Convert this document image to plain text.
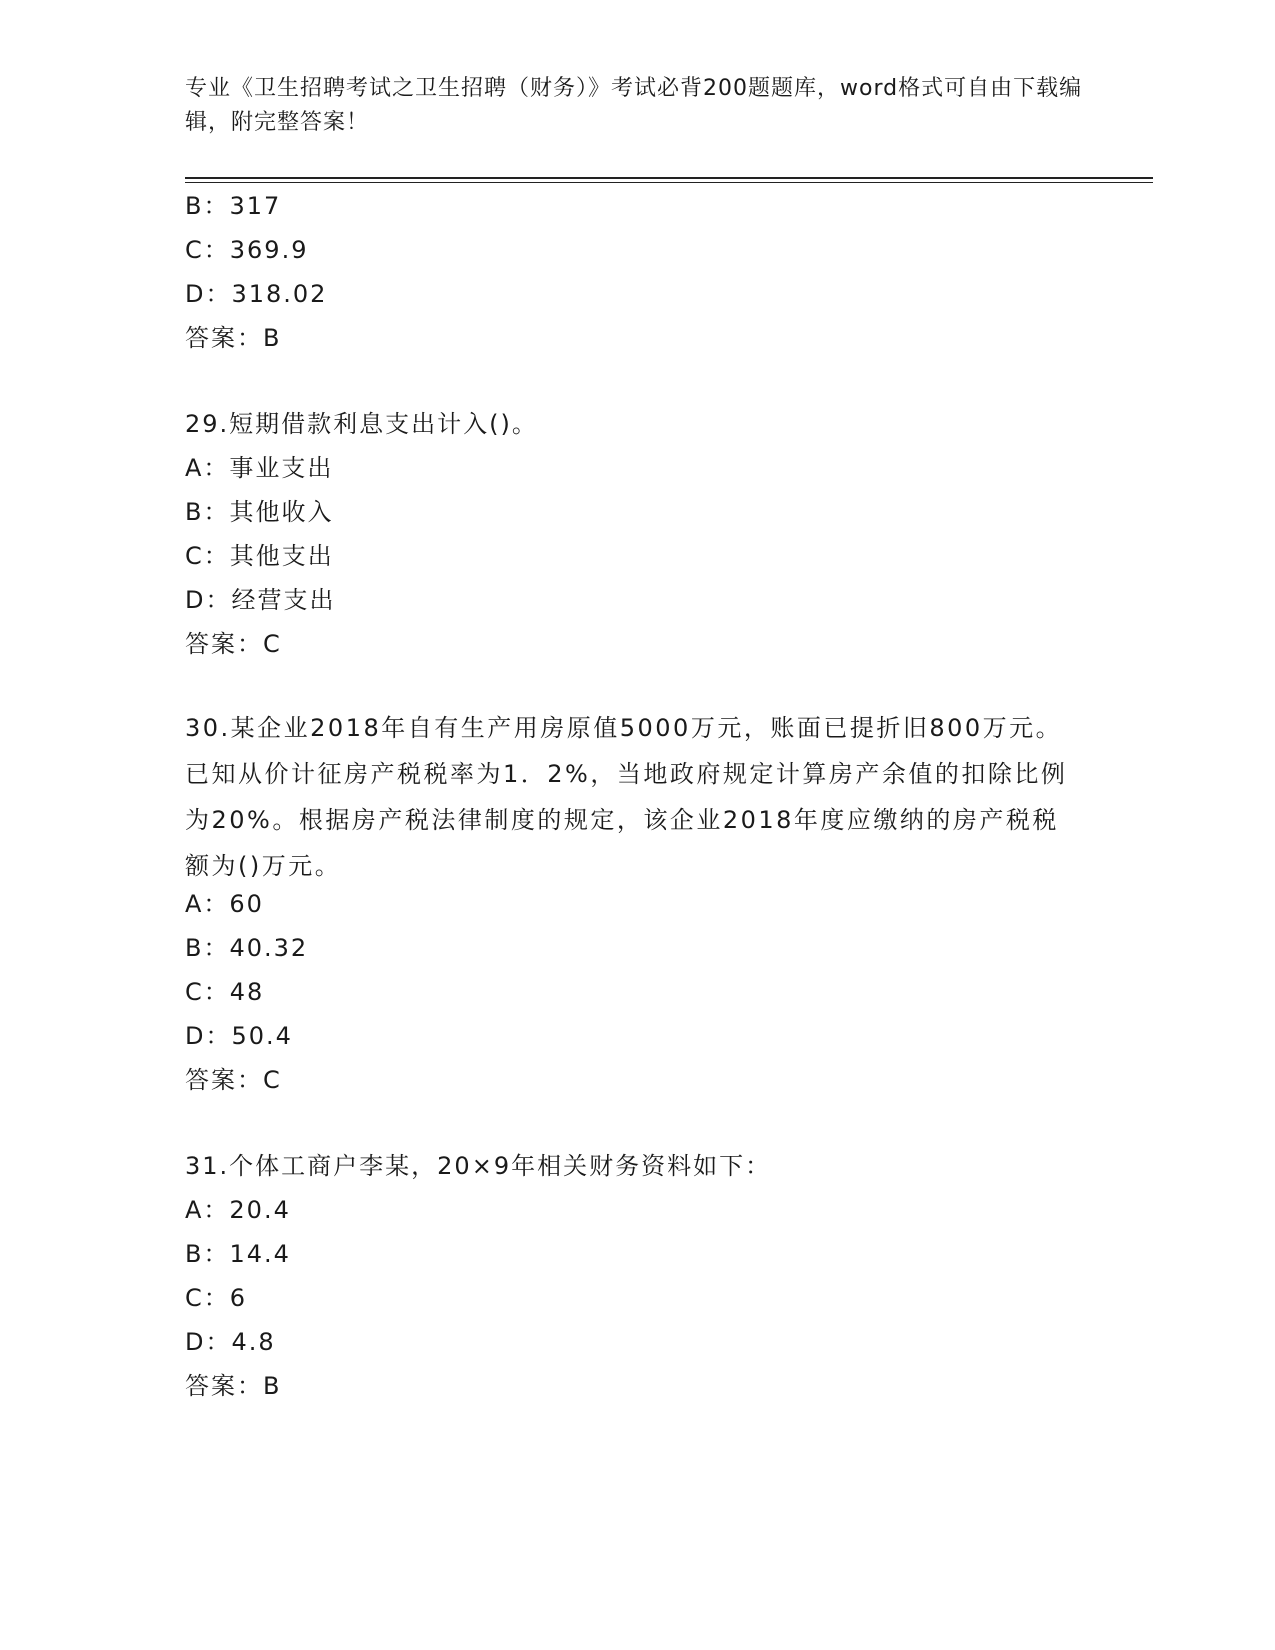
专业《卫生招聘考试之卫生招聘（财务）》考试必背200题题库，word格式可自由下载编辑，附完整答案！
B：317
C：369.9
D：318.02
答案：B
29.短期借款利息支出计入()。
A：事业支出
B：其他收入
C：其他支出
D：经营支出
答案：C
30.某企业2018年自有生产用房原值5000万元，账面已提折旧800万元。已知从价计征房产税税率为1．2%，当地政府规定计算房产余值的扣除比例为20%。根据房产税法律制度的规定，该企业2018年度应缴纳的房产税税额为()万元。
A：60
B：40.32
C：48
D：50.4
答案：C
31.个体工商户李某，20×9年相关财务资料如下：
A：20.4
B：14.4
C：6
D：4.8
答案：B
